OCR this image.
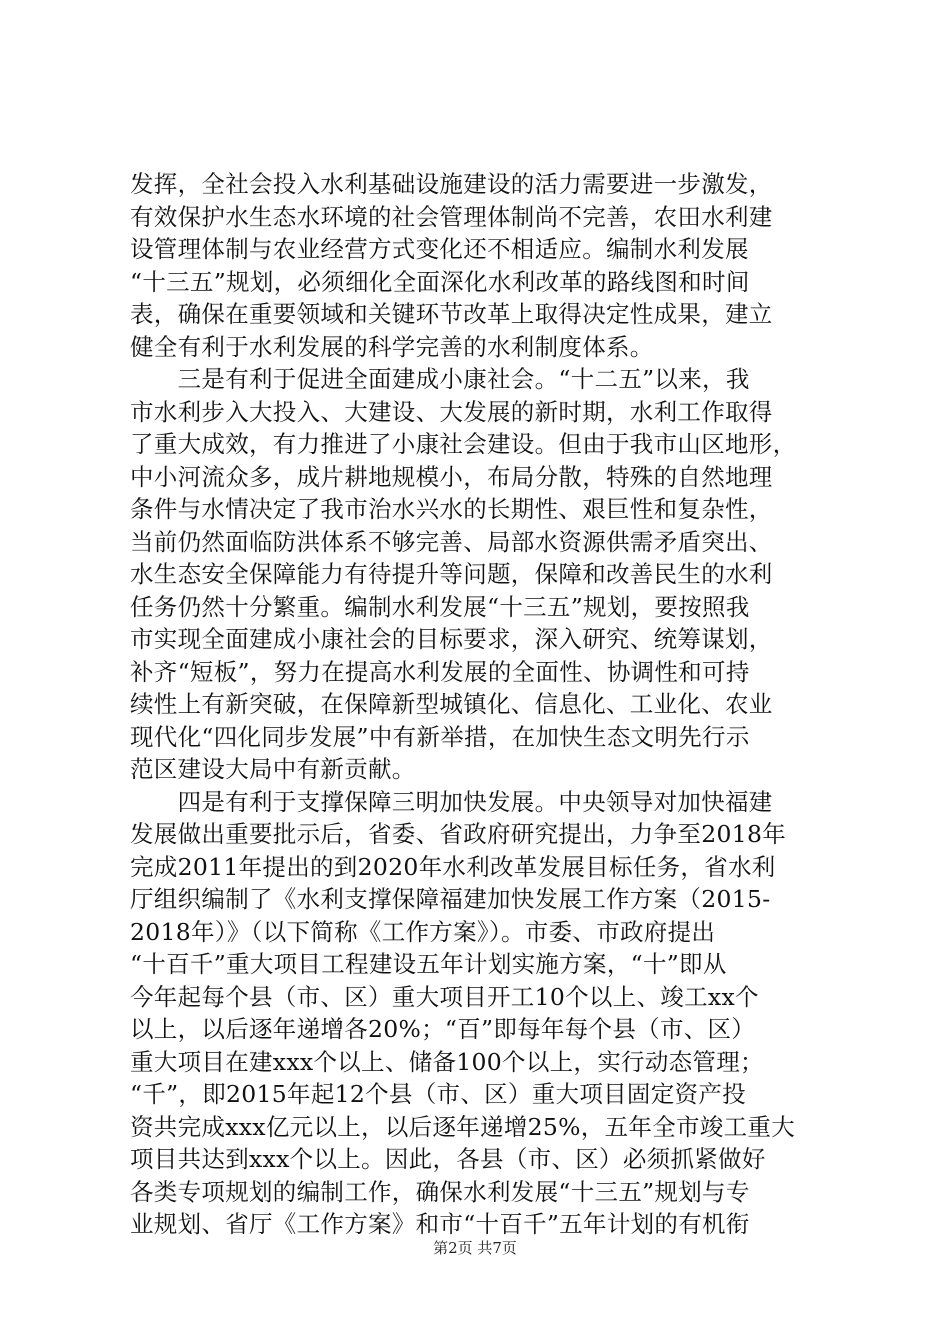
发挥，全社会投入水利基础设施建设的活力需要进一步激发，
有效保护水生态水环境的社会管理体制尚不完善，农田水利建
设管理体制与农业经营方式变化还不相适应。编制水利发展
“十三五”规划，必须细化全面深化水利改革的路线图和时间
表，确保在重要领域和关键环节改革上取得决定性成果，建立
健全有利于水利发展的科学完善的水利制度体系。
　　三是有利于促进全面建成小康社会。“十二五”以来，我
市水利步入大投入、大建设、大发展的新时期，水利工作取得
了重大成效，有力推进了小康社会建设。但由于我市山区地形，
中小河流众多，成片耕地规模小，布局分散，特殊的自然地理
条件与水情决定了我市治水兴水的长期性、艰巨性和复杂性，
当前仍然面临防洪体系不够完善、局部水资源供需矛盾突出、
水生态安全保障能力有待提升等问题，保障和改善民生的水利
任务仍然十分繁重。编制水利发展“十三五”规划，要按照我
市实现全面建成小康社会的目标要求，深入研究、统筹谋划，
补齐“短板”，努力在提高水利发展的全面性、协调性和可持
续性上有新突破，在保障新型城镇化、信息化、工业化、农业
现代化“四化同步发展”中有新举措，在加快生态文明先行示
范区建设大局中有新贡献。
　　四是有利于支撑保障三明加快发展。中央领导对加快福建
发展做出重要批示后，省委、省政府研究提出，力争至2018年
完成2011年提出的到2020年水利改革发展目标任务，省水利
厅组织编制了《水利支撑保障福建加快发展工作方案（2015-
2018年）》（以下简称《工作方案》）。市委、市政府提出
“十百千”重大项目工程建设五年计划实施方案，“十”即从
今年起每个县（市、区）重大项目开工10个以上、竣工xx个
以上，以后逐年递增各20%；“百”即每年每个县（市、区）
重大项目在建xxx个以上、储备100个以上，实行动态管理；
“千”，即2015年起12个县（市、区）重大项目固定资产投
资共完成xxx亿元以上，以后逐年递增25%，五年全市竣工重大
项目共达到xxx个以上。因此，各县（市、区）必须抓紧做好
各类专项规划的编制工作，确保水利发展“十三五”规划与专
业规划、省厅《工作方案》和市“十百千”五年计划的有机衔
第2页 共7页
